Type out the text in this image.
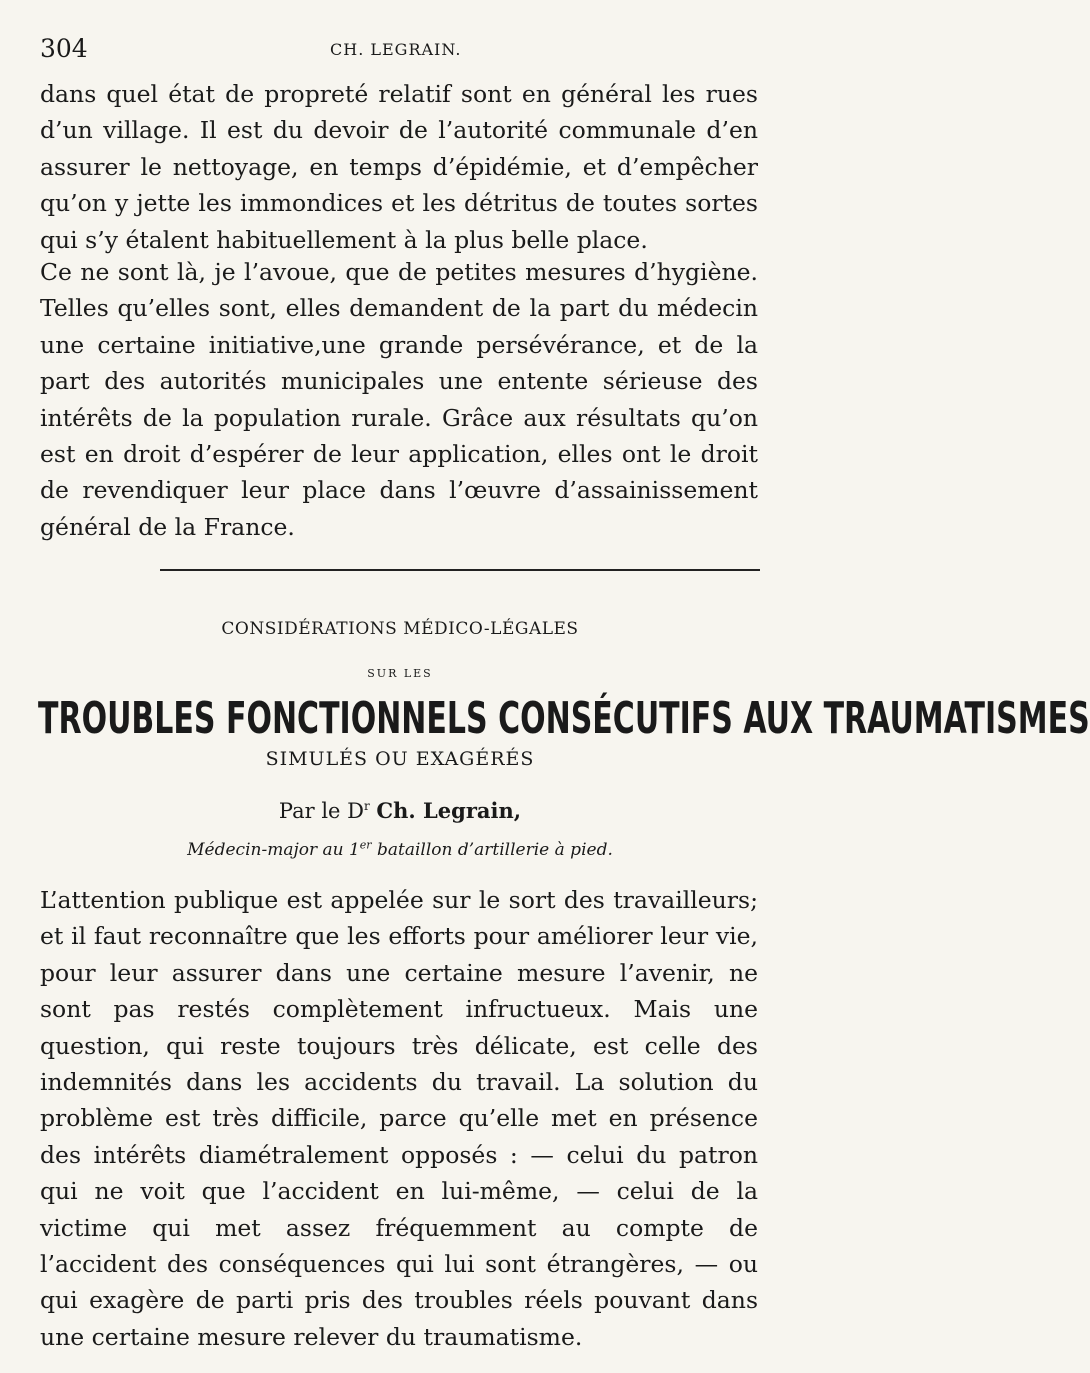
304	CH. LEGRAIN.

dans quel état de propreté relatif sont en général les rues d’un village. Il est du devoir de l’autorité communale d’en assurer le nettoyage, en temps d’épidémie, et d’empêcher qu’on y jette les immondices et les détritus de toutes sortes qui s’y étalent habituellement à la plus belle place.

Ce ne sont là, je l’avoue, que de petites mesures d’hygiène. Telles qu’elles sont, elles demandent de la part du médecin une certaine initiative,une grande persévérance, et de la part des autorités municipales une entente sérieuse des intérêts de la population rurale. Grâce aux résultats qu’on est en droit d’espérer de leur application, elles ont le droit de revendiquer leur place dans l’œuvre d’assainissement général de la France.

CONSIDÉRATIONS MÉDICO-LÉGALES
SUR LES
TROUBLES FONCTIONNELS CONSÉCUTIFS AUX TRAUMATISMES
SIMULÉS OU EXAGÉRÉS
Par le $D^r$ Ch. Legrain,
Médecin-major au 1er bataillon d’artillerie à pied.

L’attention publique est appelée sur le sort des travailleurs; et il faut reconnaître que les efforts pour améliorer leur vie, pour leur assurer dans une certaine mesure l’avenir, ne sont pas restés complètement infructueux. Mais une question, qui reste toujours très délicate, est celle des indemnités dans les accidents du travail. La solution du problème est très difficile, parce qu’elle met en présence des intérêts diamétralement opposés : — celui du patron qui ne voit que l’accident en lui-même, — celui de la victime qui met assez fréquemment au compte de l’accident des conséquences qui lui sont étrangères, — ou qui exagère de parti pris des troubles réels pouvant dans une certaine mesure relever du traumatisme.
